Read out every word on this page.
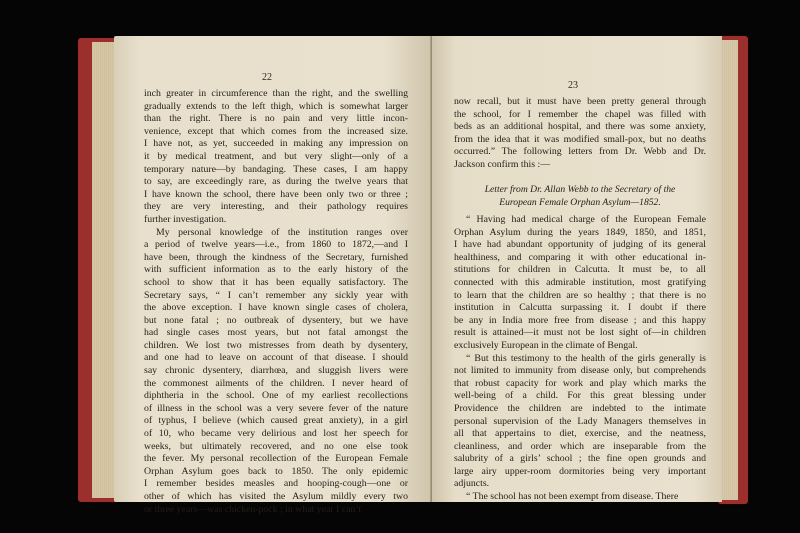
22
inch greater in circumference than the right, and the swelling
gradually extends to the left thigh, which is somewhat larger
than the right. There is no pain and very little incon-
venience, except that which comes from the increased size.
I have not, as yet, succeeded in making any impression on
it by medical treatment, and but very slight—only of a
temporary nature—by bandaging. These cases, I am happy
to say, are exceedingly rare, as during the twelve years that
I have known the school, there have been only two or three ;
they are very interesting, and their pathology requires
further investigation.
My personal knowledge of the institution ranges over
a period of twelve years—i.e., from 1860 to 1872,—and I
have been, through the kindness of the Secretary, furnished
with sufficient information as to the early history of the
school to show that it has been equally satisfactory. The
Secretary says, “ I can’t remember any sickly year with
the above exception. I have known single cases of cholera,
but none fatal ; no outbreak of dysentery, but we have
had single cases most years, but not fatal amongst the
children. We lost two mistresses from death by dysentery,
and one had to leave on account of that disease. I should
say chronic dysentery, diarrhœa, and sluggish livers were
the commonest ailments of the children. I never heard of
diphtheria in the school. One of my earliest recollections
of illness in the school was a very severe fever of the nature
of typhus, I believe (which caused great anxiety), in a girl
of 10, who became very delirious and lost her speech for
weeks, but ultimately recovered, and no one else took
the fever. My personal recollection of the European Female
Orphan Asylum goes back to 1850. The only epidemic
I remember besides measles and hooping-cough—one or
other of which has visited the Asylum mildly every two
or three years—was chicken-pock ; in what year I can’t
23
now recall, but it must have been pretty general through
the school, for I remember the chapel was filled with
beds as an additional hospital, and there was some anxiety,
from the idea that it was modified small-pox, but no deaths
occurred.” The following letters from Dr. Webb and Dr.
Jackson confirm this :—
Letter from Dr. Allan Webb to the Secretary of the
European Female Orphan Asylum—1852.
“ Having had medical charge of the European Female
Orphan Asylum during the years 1849, 1850, and 1851,
I have had abundant opportunity of judging of its general
healthiness, and comparing it with other educational in-
stitutions for children in Calcutta. It must be, to all
connected with this admirable institution, most gratifying
to learn that the children are so healthy ; that there is no
institution in Calcutta surpassing it. I doubt if there
be any in India more free from disease ; and this happy
result is attained—it must not be lost sight of—in children
exclusively European in the climate of Bengal.
“ But this testimony to the health of the girls generally is
not limited to immunity from disease only, but comprehends
that robust capacity for work and play which marks the
well-being of a child. For this great blessing under
Providence the children are indebted to the intimate
personal supervision of the Lady Managers themselves in
all that appertains to diet, exercise, and the neatness,
cleanliness, and order which are inseparable from the
salubrity of a girls’ school ; the fine open grounds and
large airy upper-room dormitories being very important
adjuncts.
“ The school has not been exempt from disease. There
